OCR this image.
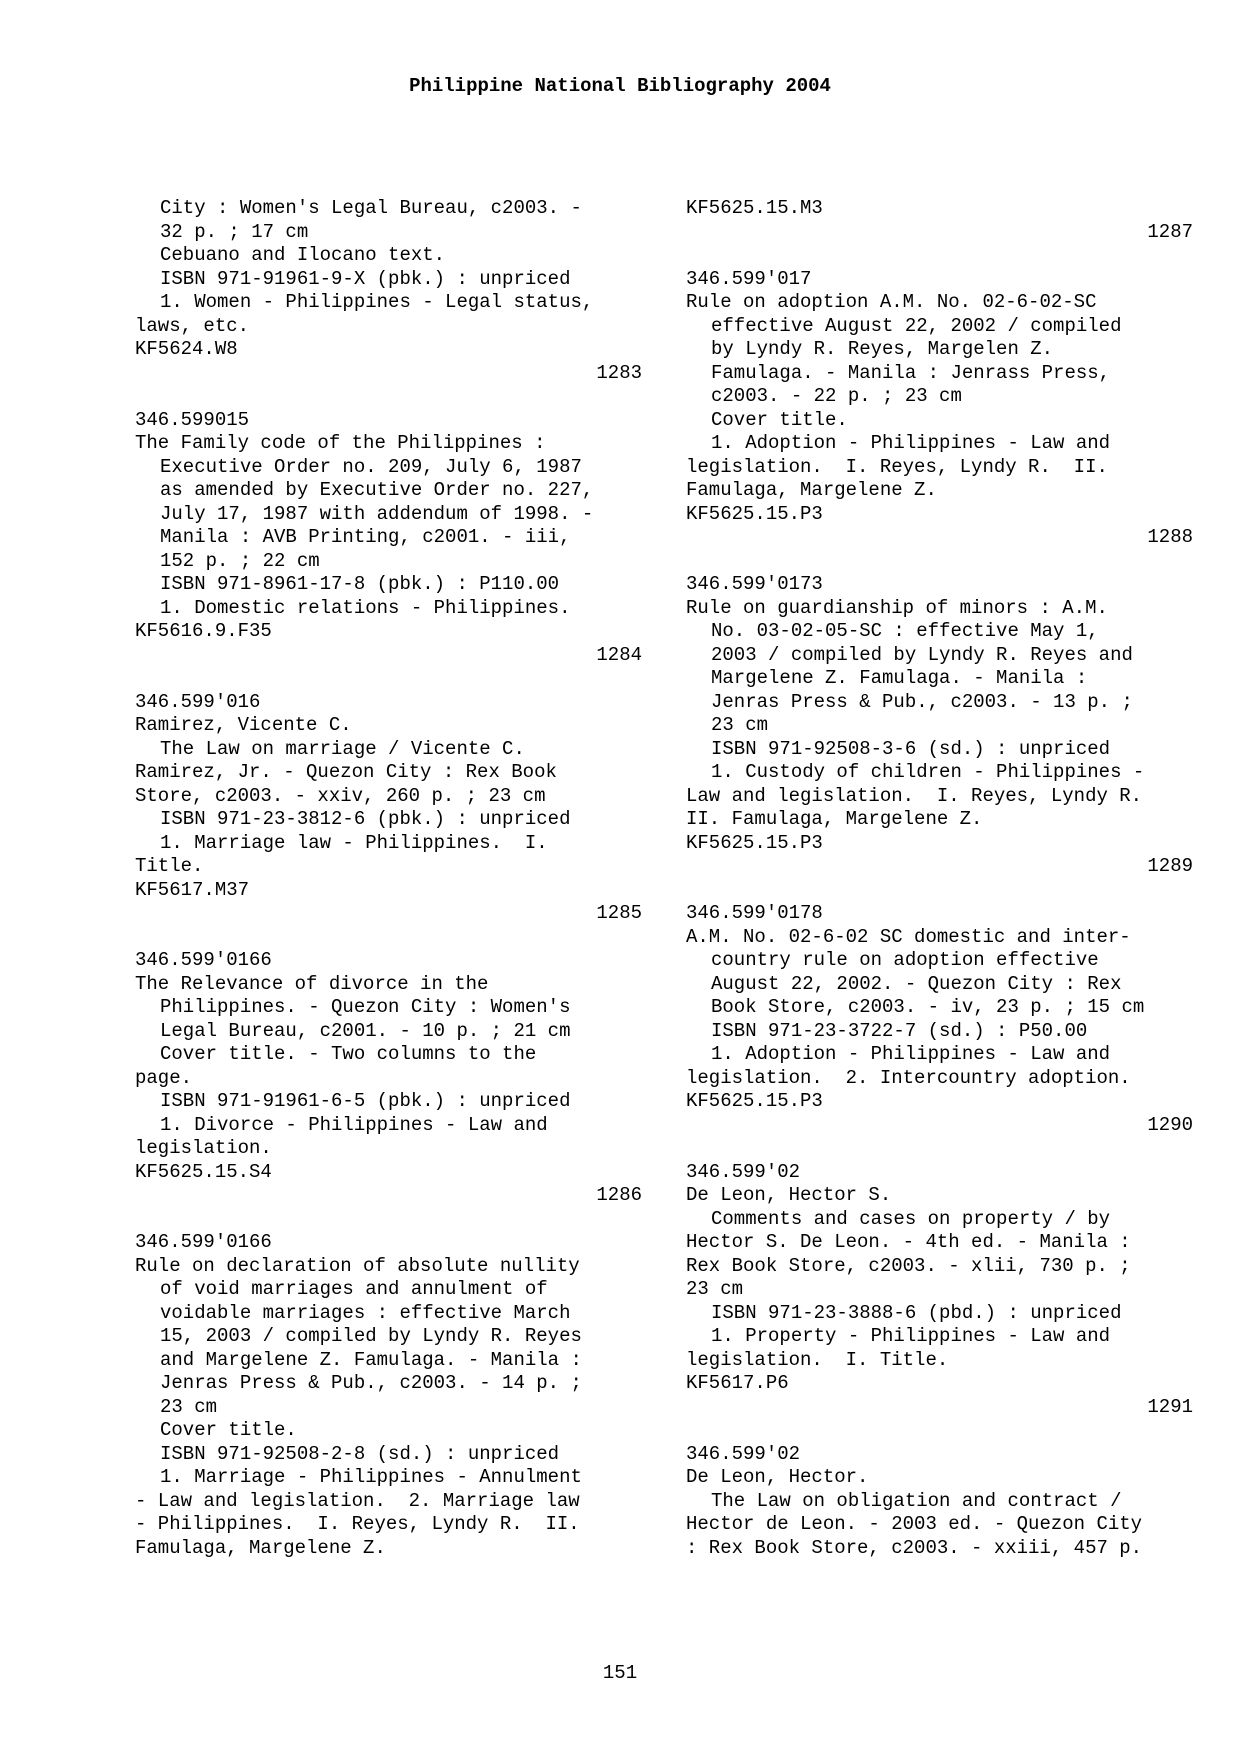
Philippine National Bibliography 2004
City : Women's Legal Bureau, c2003. -
32 p. ; 17 cm
Cebuano and Ilocano text.
ISBN 971-91961-9-X (pbk.) : unpriced
1. Women - Philippines - Legal status,
laws, etc.
KF5624.W8
1283
346.599015
The Family code of the Philippines :
Executive Order no. 209, July 6, 1987
as amended by Executive Order no. 227,
July 17, 1987 with addendum of 1998. -
Manila : AVB Printing, c2001. - iii,
152 p. ; 22 cm
ISBN 971-8961-17-8 (pbk.) : P110.00
1. Domestic relations - Philippines.
KF5616.9.F35
1284
346.599'016
Ramirez, Vicente C.
The Law on marriage / Vicente C.
Ramirez, Jr. - Quezon City : Rex Book
Store, c2003. - xxiv, 260 p. ; 23 cm
ISBN 971-23-3812-6 (pbk.) : unpriced
1. Marriage law - Philippines.  I.
Title.
KF5617.M37
1285
346.599'0166
The Relevance of divorce in the
Philippines. - Quezon City : Women's
Legal Bureau, c2001. - 10 p. ; 21 cm
Cover title. - Two columns to the
page.
ISBN 971-91961-6-5 (pbk.) : unpriced
1. Divorce - Philippines - Law and
legislation.
KF5625.15.S4
1286
346.599'0166
Rule on declaration of absolute nullity
of void marriages and annulment of
voidable marriages : effective March
15, 2003 / compiled by Lyndy R. Reyes
and Margelene Z. Famulaga. - Manila :
Jenras Press & Pub., c2003. - 14 p. ;
23 cm
Cover title.
ISBN 971-92508-2-8 (sd.) : unpriced
1. Marriage - Philippines - Annulment
- Law and legislation.  2. Marriage law
- Philippines.  I. Reyes, Lyndy R.  II.
Famulaga, Margelene Z.
KF5625.15.M3
1287
346.599'017
Rule on adoption A.M. No. 02-6-02-SC
effective August 22, 2002 / compiled
by Lyndy R. Reyes, Margelen Z.
Famulaga. - Manila : Jenrass Press,
c2003. - 22 p. ; 23 cm
Cover title.
1. Adoption - Philippines - Law and
legislation.  I. Reyes, Lyndy R.  II.
Famulaga, Margelene Z.
KF5625.15.P3
1288
346.599'0173
Rule on guardianship of minors : A.M.
No. 03-02-05-SC : effective May 1,
2003 / compiled by Lyndy R. Reyes and
Margelene Z. Famulaga. - Manila :
Jenras Press & Pub., c2003. - 13 p. ;
23 cm
ISBN 971-92508-3-6 (sd.) : unpriced
1. Custody of children - Philippines -
Law and legislation.  I. Reyes, Lyndy R.
II. Famulaga, Margelene Z.
KF5625.15.P3
1289
346.599'0178
A.M. No. 02-6-02 SC domestic and inter-
country rule on adoption effective
August 22, 2002. - Quezon City : Rex
Book Store, c2003. - iv, 23 p. ; 15 cm
ISBN 971-23-3722-7 (sd.) : P50.00
1. Adoption - Philippines - Law and
legislation.  2. Intercountry adoption.
KF5625.15.P3
1290
346.599'02
De Leon, Hector S.
Comments and cases on property / by
Hector S. De Leon. - 4th ed. - Manila :
Rex Book Store, c2003. - xlii, 730 p. ;
23 cm
ISBN 971-23-3888-6 (pbd.) : unpriced
1. Property - Philippines - Law and
legislation.  I. Title.
KF5617.P6
1291
346.599'02
De Leon, Hector.
The Law on obligation and contract /
Hector de Leon. - 2003 ed. - Quezon City
: Rex Book Store, c2003. - xxiii, 457 p.
151
